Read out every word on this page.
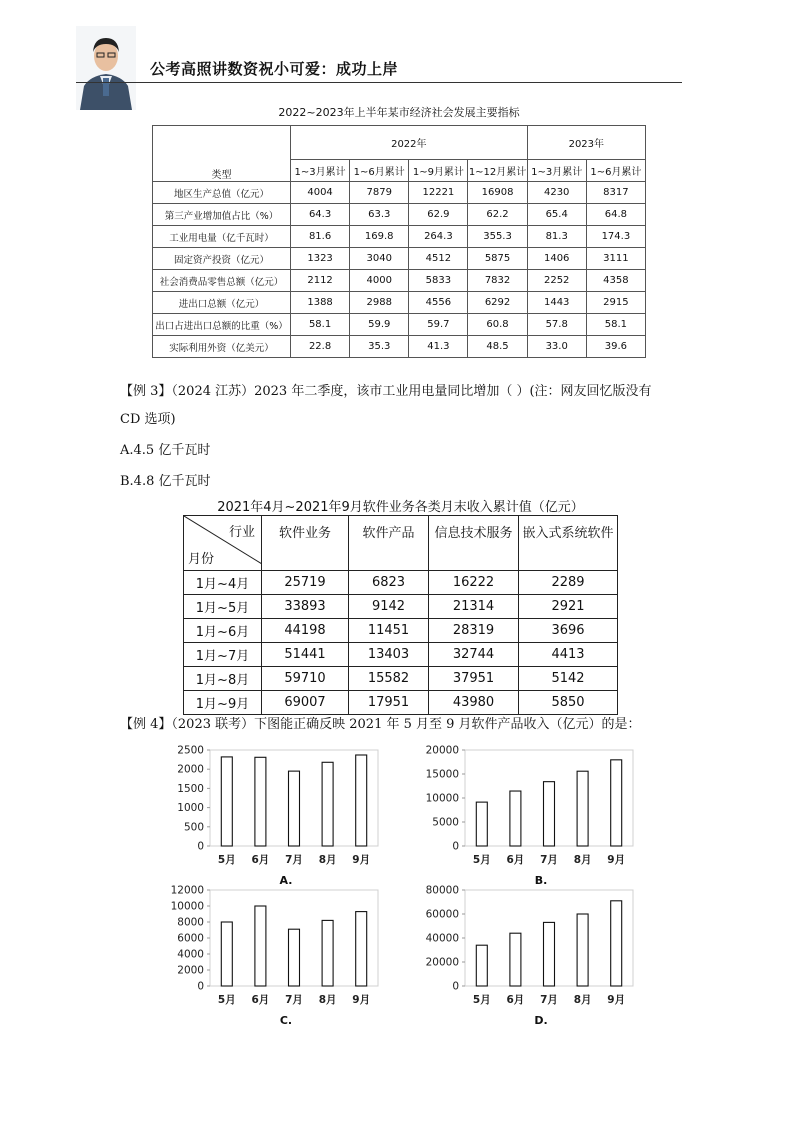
公考高照讲数资祝小可爱：成功上岸
2022~2023年上半年某市经济社会发展主要指标
类型	2022年				2023年	
	1~3月累计	1~6月累计	1~9月累计	1~12月累计	1~3月累计	1~6月累计
地区生产总值（亿元）	4004	7879	12221	16908	4230	8317
第三产业增加值占比（%）	64.3	63.3	62.9	62.2	65.4	64.8
工业用电量（亿千瓦时）	81.6	169.8	264.3	355.3	81.3	174.3
固定资产投资（亿元）	1323	3040	4512	5875	1406	3111
社会消费品零售总额（亿元）	2112	4000	5833	7832	2252	4358
进出口总额（亿元）	1388	2988	4556	6292	1443	2915
出口占进出口总额的比重（%）	58.1	59.9	59.7	60.8	57.8	58.1
实际利用外资（亿美元）	22.8	35.3	41.3	48.5	33.0	39.6
【例 3】（2024 江苏）2023 年二季度，该市工业用电量同比增加（ ）(注：网友回忆版没有
CD 选项)
A.4.5 亿千瓦时
B.4.8 亿千瓦时
2021年4月~2021年9月软件业务各类月末收入累计值（亿元）
行业
月份	软件业务	软件产品	信息技术服务	嵌入式系统软件
1月~4月	25719	6823	16222	2289
1月~5月	33893	9142	21314	2921
1月~6月	44198	11451	28319	3696
1月~7月	51441	13403	32744	4413
1月~8月	59710	15582	37951	5142
1月~9月	69007	17951	43980	5850
【例 4】（2023 联考）下图能正确反映 2021 年 5 月至 9 月软件产品收入（亿元）的是：
0
500
1000
1500
2000
2500
5月 6月 7月 8月 9月
A.
0
5000
10000
15000
20000
5月 6月 7月 8月 9月
B.
0
2000
4000
6000
8000
10000
12000
5月 6月 7月 8月 9月
C.
0
20000
40000
60000
80000
5月 6月 7月 8月 9月
D.
